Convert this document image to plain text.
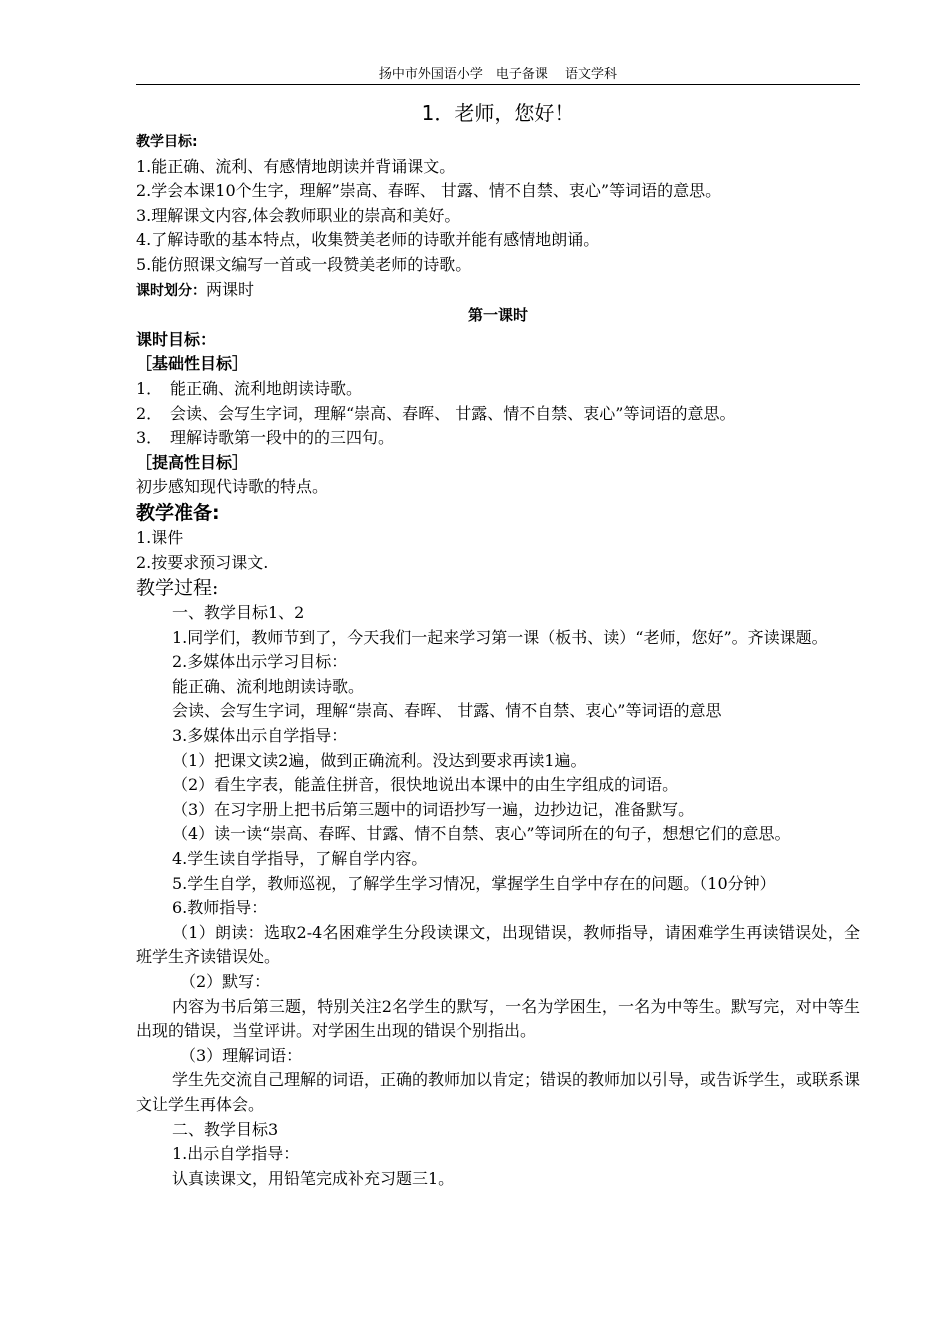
扬中市外国语小学　电子备课　 语文学科
1．老师，您好！
教学目标:
1.能正确、流利、有感情地朗读并背诵课文。
2.学会本课10个生字，理解”崇高、春晖、 甘露、情不自禁、衷心”等词语的意思。
3.理解课文内容,体会教师职业的崇高和美好。
4.了解诗歌的基本特点，收集赞美老师的诗歌并能有感情地朗诵。
5.能仿照课文编写一首或一段赞美老师的诗歌。
课时划分：两课时
第一课时
课时目标：
［基础性目标］
1． 能正确、流利地朗读诗歌。
2． 会读、会写生字词，理解“崇高、春晖、 甘露、情不自禁、衷心”等词语的意思。
3． 理解诗歌第一段中的的三四句。
［提高性目标］
初步感知现代诗歌的特点。
教学准备:
1.课件
2.按要求预习课文.
教学过程:
一、教学目标1、2
1.同学们，教师节到了，今天我们一起来学习第一课（板书、读）“老师，您好”。齐读课题。
2.多媒体出示学习目标：
能正确、流利地朗读诗歌。
会读、会写生字词，理解“崇高、春晖、 甘露、情不自禁、衷心”等词语的意思
3.多媒体出示自学指导：
（1）把课文读2遍，做到正确流利。没达到要求再读1遍。
（2）看生字表，能盖住拼音，很快地说出本课中的由生字组成的词语。
（3）在习字册上把书后第三题中的词语抄写一遍，边抄边记，准备默写。
（4）读一读“崇高、春晖、甘露、情不自禁、衷心”等词所在的句子，想想它们的意思。
4.学生读自学指导，了解自学内容。
5.学生自学，教师巡视，了解学生学习情况，掌握学生自学中存在的问题。（10分钟）
6.教师指导：
（1）朗读：选取2-4名困难学生分段读课文，出现错误，教师指导，请困难学生再读错误处，全班学生齐读错误处。
（2）默写：
内容为书后第三题，特别关注2名学生的默写，一名为学困生，一名为中等生。默写完，对中等生出现的错误，当堂评讲。对学困生出现的错误个别指出。
（3）理解词语：
学生先交流自己理解的词语，正确的教师加以肯定；错误的教师加以引导，或告诉学生，或联系课文让学生再体会。
二、教学目标3
1.出示自学指导：
认真读课文，用铅笔完成补充习题三1。
